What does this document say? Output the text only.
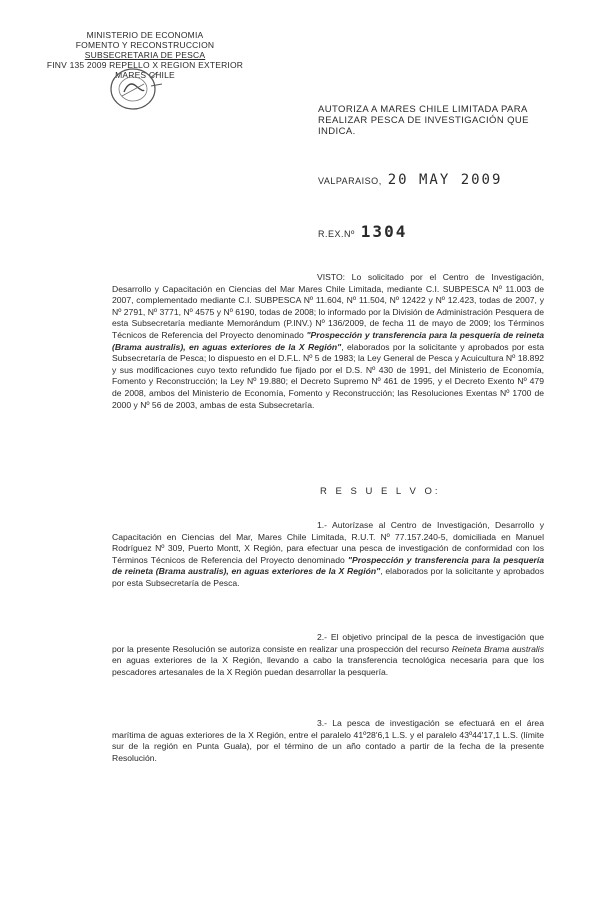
MINISTERIO DE ECONOMIA
FOMENTO Y RECONSTRUCCION
SUBSECRETARIA DE PESCA
FINV 135 2009 REPELLO X REGION EXTERIOR
MARES CHILE
AUTORIZA A MARES CHILE LIMITADA PARA REALIZAR PESCA DE INVESTIGACIÓN QUE INDICA.
VALPARAISO, 20 MAY 2009
R.EX.Nº 1304
VISTO: Lo solicitado por el Centro de Investigación, Desarrollo y Capacitación en Ciencias del Mar Mares Chile Limitada, mediante C.I. SUBPESCA Nº 11.003 de 2007, complementado mediante C.I. SUBPESCA Nº 11.604, Nº 11.504, Nº 12422 y Nº 12.423, todas de 2007, y Nº 2791, Nº 3771, Nº 4575 y Nº 6190, todas de 2008; lo informado por la División de Administración Pesquera de esta Subsecretaría mediante Memorándum (P.INV.) Nº 136/2009, de fecha 11 de mayo de 2009; los Términos Técnicos de Referencia del Proyecto denominado "Prospección y transferencia para la pesquería de reineta (Brama australis), en aguas exteriores de la X Región", elaborados por la solicitante y aprobados por esta Subsecretaría de Pesca; lo dispuesto en el D.F.L. Nº 5 de 1983; la Ley General de Pesca y Acuicultura Nº 18.892 y sus modificaciones cuyo texto refundido fue fijado por el D.S. Nº 430 de 1991, del Ministerio de Economía, Fomento y Reconstrucción; la Ley Nº 19.880; el Decreto Supremo Nº 461 de 1995, y el Decreto Exento Nº 479 de 2008, ambos del Ministerio de Economía, Fomento y Reconstrucción; las Resoluciones Exentas Nº 1700 de 2000 y Nº 56 de 2003, ambas de esta Subsecretaría.
R E S U E L V O:
1.- Autorízase al Centro de Investigación, Desarrollo y Capacitación en Ciencias del Mar, Mares Chile Limitada, R.U.T. Nº 77.157.240-5, domiciliada en Manuel Rodríguez Nº 309, Puerto Montt, X Región, para efectuar una pesca de investigación de conformidad con los Términos Técnicos de Referencia del Proyecto denominado "Prospección y transferencia para la pesquería de reineta (Brama australis), en aguas exteriores de la X Región", elaborados por la solicitante y aprobados por esta Subsecretaría de Pesca.
2.- El objetivo principal de la pesca de investigación que por la presente Resolución se autoriza consiste en realizar una prospección del recurso Reineta Brama australis en aguas exteriores de la X Región, llevando a cabo la transferencia tecnológica necesaria para que los pescadores artesanales de la X Región puedan desarrollar la pesquería.
3.- La pesca de investigación se efectuará en el área marítima de aguas exteriores de la X Región, entre el paralelo 41º28'6,1 L.S. y el paralelo 43º44'17,1 L.S. (límite sur de la región en Punta Guala), por el término de un año contado a partir de la fecha de la presente Resolución.
